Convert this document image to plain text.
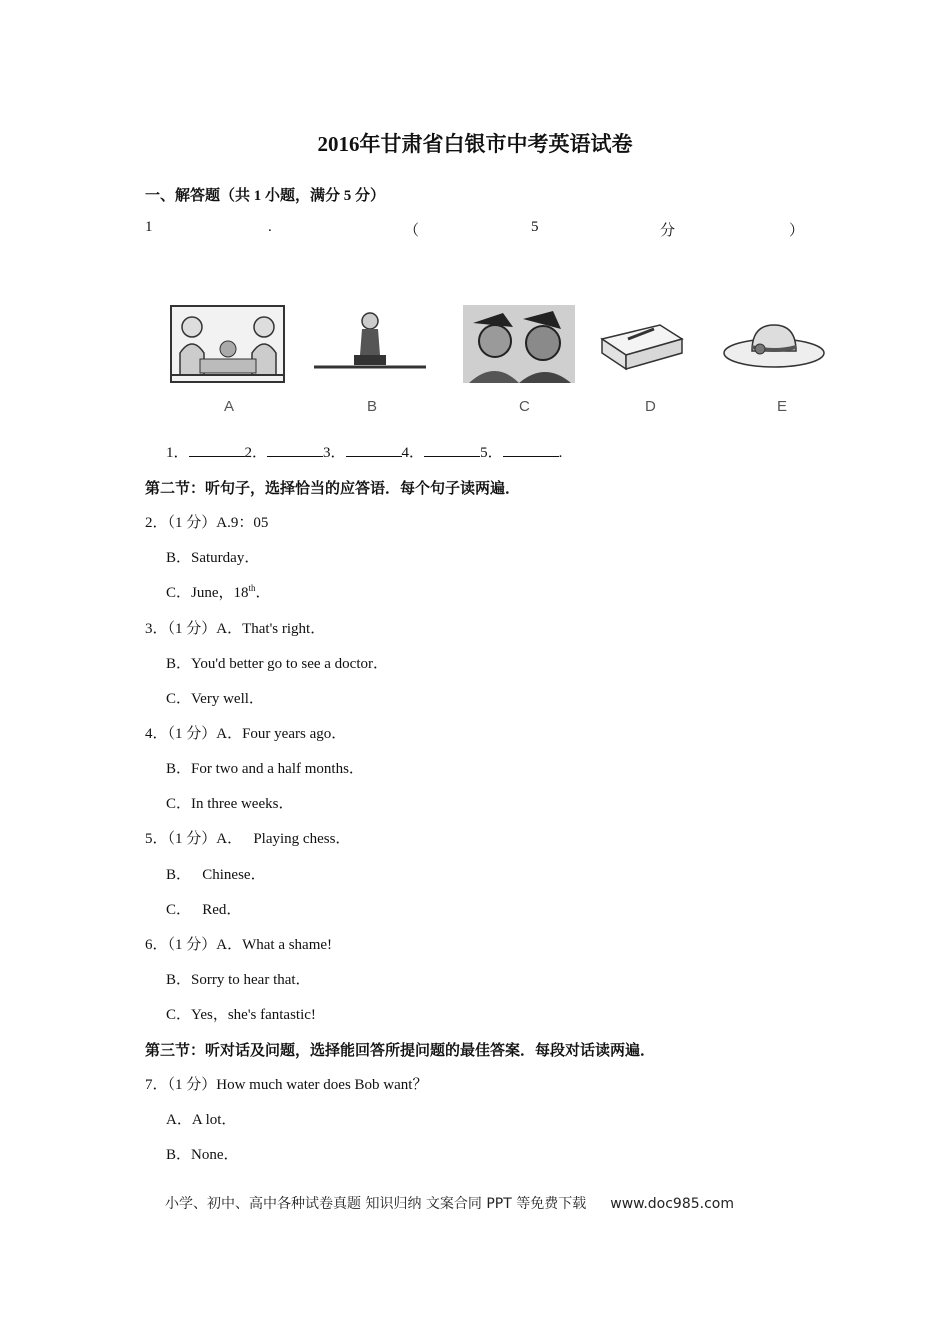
2016年甘肃省白银市中考英语试卷
一、解答题（共 1 小题，满分 5 分）
1	.	（	5	分	）
A	B	C	D	E
1．	2．	3．	4．	5．	.
第二节：听句子，选择恰当的应答语．每个句子读两遍．
2．（1 分）A.9：05
B．Saturday．
C．June，18th．
3．（1 分）A．That's right．
B．You'd better go to see a doctor．
C．Very well．
4．（1 分）A．Four years ago．
B．For two and a half months．
C．In three weeks．
5．（1 分）A．   Playing chess．
B．   Chinese．
C．   Red．
6．（1 分）A．What a shame!
B．Sorry to hear that．
C．Yes，she's fantastic!
第三节：听对话及问题，选择能回答所提问题的最佳答案．每段对话读两遍．
7．（1 分）How much water does Bob want？
A．A lot．
B．None．
小学、初中、高中各种试卷真题 知识归纳 文案合同 PPT 等免费下载 www.doc985.com
